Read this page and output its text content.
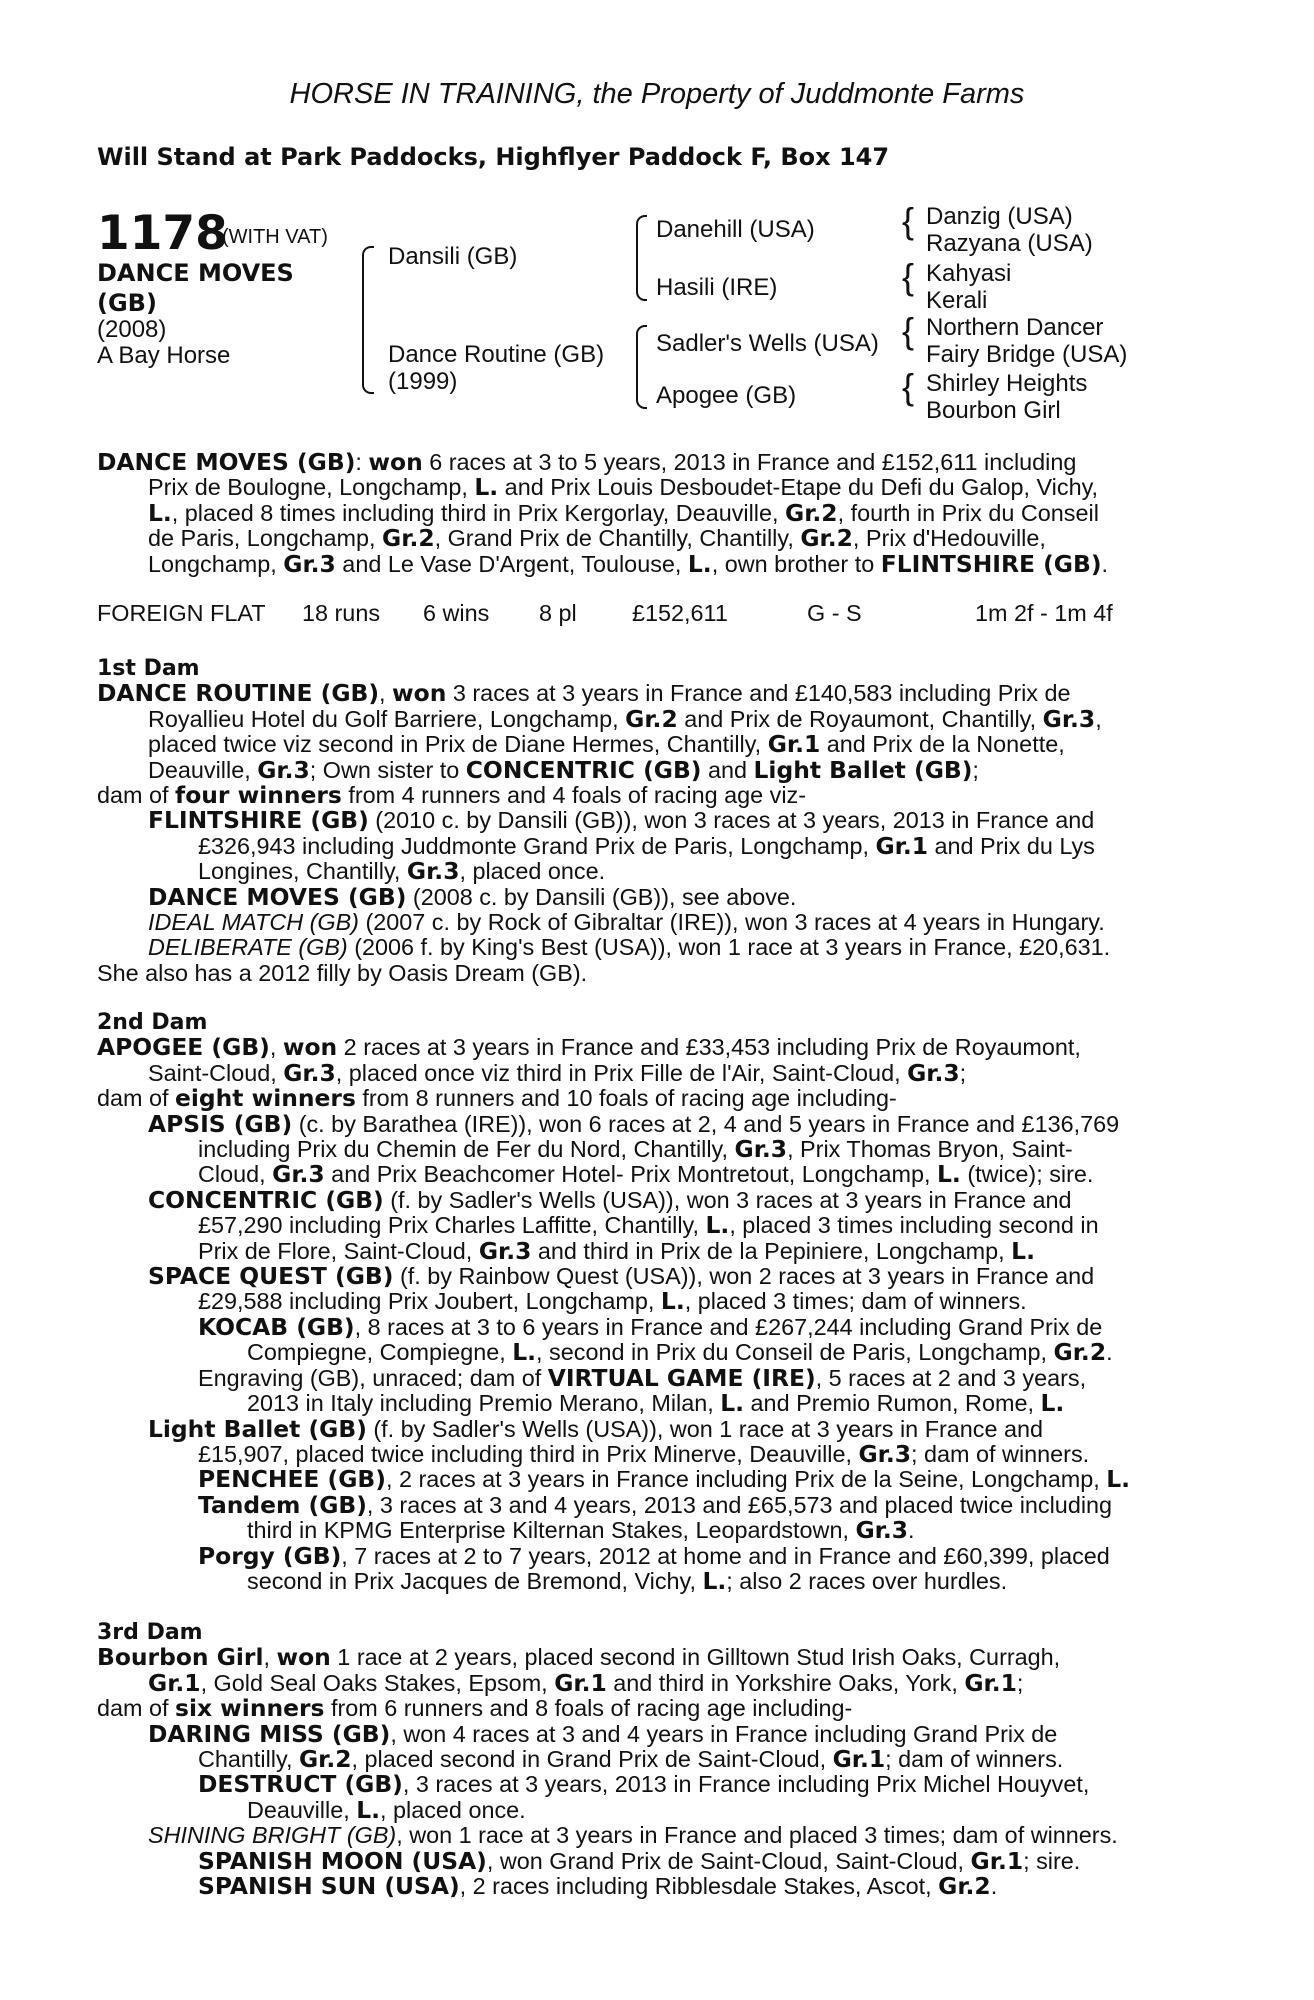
HORSE IN TRAINING, the Property of Juddmonte Farms
Will Stand at Park Paddocks, Highflyer Paddock F, Box 147
1178
(WITH VAT)
DANCE MOVES
(GB)
(2008)
A Bay Horse
Dansili (GB)
Dance Routine (GB)
(1999)
Danehill (USA)
Hasili (IRE)
Sadler's Wells (USA)
Apogee (GB)
{
{
{
{
Danzig (USA)
Razyana (USA)
Kahyasi
Kerali
Northern Dancer
Fairy Bridge (USA)
Shirley Heights
Bourbon Girl
DANCE MOVES (GB): won 6 races at 3 to 5 years, 2013 in France and £152,611 including
Prix de Boulogne, Longchamp, L. and Prix Louis Desboudet-Etape du Defi du Galop, Vichy,
L., placed 8 times including third in Prix Kergorlay, Deauville, Gr.2, fourth in Prix du Conseil
de Paris, Longchamp, Gr.2, Grand Prix de Chantilly, Chantilly, Gr.2, Prix d'Hedouville,
Longchamp, Gr.3 and Le Vase D'Argent, Toulouse, L., own brother to FLINTSHIRE (GB).
FOREIGN FLAT 18 runs 6 wins 8 pl £152,611	G - S	1m 2f - 1m 4f
1st Dam
DANCE ROUTINE (GB), won 3 races at 3 years in France and £140,583 including Prix de
Royallieu Hotel du Golf Barriere, Longchamp, Gr.2 and Prix de Royaumont, Chantilly, Gr.3,
placed twice viz second in Prix de Diane Hermes, Chantilly, Gr.1 and Prix de la Nonette,
Deauville, Gr.3; Own sister to CONCENTRIC (GB) and Light Ballet (GB);
dam of four winners from 4 runners and 4 foals of racing age viz-
FLINTSHIRE (GB) (2010 c. by Dansili (GB)), won 3 races at 3 years, 2013 in France and
£326,943 including Juddmonte Grand Prix de Paris, Longchamp, Gr.1 and Prix du Lys
Longines, Chantilly, Gr.3, placed once.
DANCE MOVES (GB) (2008 c. by Dansili (GB)), see above.
IDEAL MATCH (GB) (2007 c. by Rock of Gibraltar (IRE)), won 3 races at 4 years in Hungary.
DELIBERATE (GB) (2006 f. by King's Best (USA)), won 1 race at 3 years in France, £20,631.
She also has a 2012 filly by Oasis Dream (GB).
2nd Dam
APOGEE (GB), won 2 races at 3 years in France and £33,453 including Prix de Royaumont,
Saint-Cloud, Gr.3, placed once viz third in Prix Fille de l'Air, Saint-Cloud, Gr.3;
dam of eight winners from 8 runners and 10 foals of racing age including-
APSIS (GB) (c. by Barathea (IRE)), won 6 races at 2, 4 and 5 years in France and £136,769
including Prix du Chemin de Fer du Nord, Chantilly, Gr.3, Prix Thomas Bryon, Saint-
Cloud, Gr.3 and Prix Beachcomer Hotel- Prix Montretout, Longchamp, L. (twice); sire.
CONCENTRIC (GB) (f. by Sadler's Wells (USA)), won 3 races at 3 years in France and
£57,290 including Prix Charles Laffitte, Chantilly, L., placed 3 times including second in
Prix de Flore, Saint-Cloud, Gr.3 and third in Prix de la Pepiniere, Longchamp, L.
SPACE QUEST (GB) (f. by Rainbow Quest (USA)), won 2 races at 3 years in France and
£29,588 including Prix Joubert, Longchamp, L., placed 3 times; dam of winners.
KOCAB (GB), 8 races at 3 to 6 years in France and £267,244 including Grand Prix de
Compiegne, Compiegne, L., second in Prix du Conseil de Paris, Longchamp, Gr.2.
Engraving (GB), unraced; dam of VIRTUAL GAME (IRE), 5 races at 2 and 3 years,
2013 in Italy including Premio Merano, Milan, L. and Premio Rumon, Rome, L.
Light Ballet (GB) (f. by Sadler's Wells (USA)), won 1 race at 3 years in France and
£15,907, placed twice including third in Prix Minerve, Deauville, Gr.3; dam of winners.
PENCHEE (GB), 2 races at 3 years in France including Prix de la Seine, Longchamp, L.
Tandem (GB), 3 races at 3 and 4 years, 2013 and £65,573 and placed twice including
third in KPMG Enterprise Kilternan Stakes, Leopardstown, Gr.3.
Porgy (GB), 7 races at 2 to 7 years, 2012 at home and in France and £60,399, placed
second in Prix Jacques de Bremond, Vichy, L.; also 2 races over hurdles.
3rd Dam
Bourbon Girl, won 1 race at 2 years, placed second in Gilltown Stud Irish Oaks, Curragh,
Gr.1, Gold Seal Oaks Stakes, Epsom, Gr.1 and third in Yorkshire Oaks, York, Gr.1;
dam of six winners from 6 runners and 8 foals of racing age including-
DARING MISS (GB), won 4 races at 3 and 4 years in France including Grand Prix de
Chantilly, Gr.2, placed second in Grand Prix de Saint-Cloud, Gr.1; dam of winners.
DESTRUCT (GB), 3 races at 3 years, 2013 in France including Prix Michel Houyvet,
Deauville, L., placed once.
SHINING BRIGHT (GB), won 1 race at 3 years in France and placed 3 times; dam of winners.
SPANISH MOON (USA), won Grand Prix de Saint-Cloud, Saint-Cloud, Gr.1; sire.
SPANISH SUN (USA), 2 races including Ribblesdale Stakes, Ascot, Gr.2.
